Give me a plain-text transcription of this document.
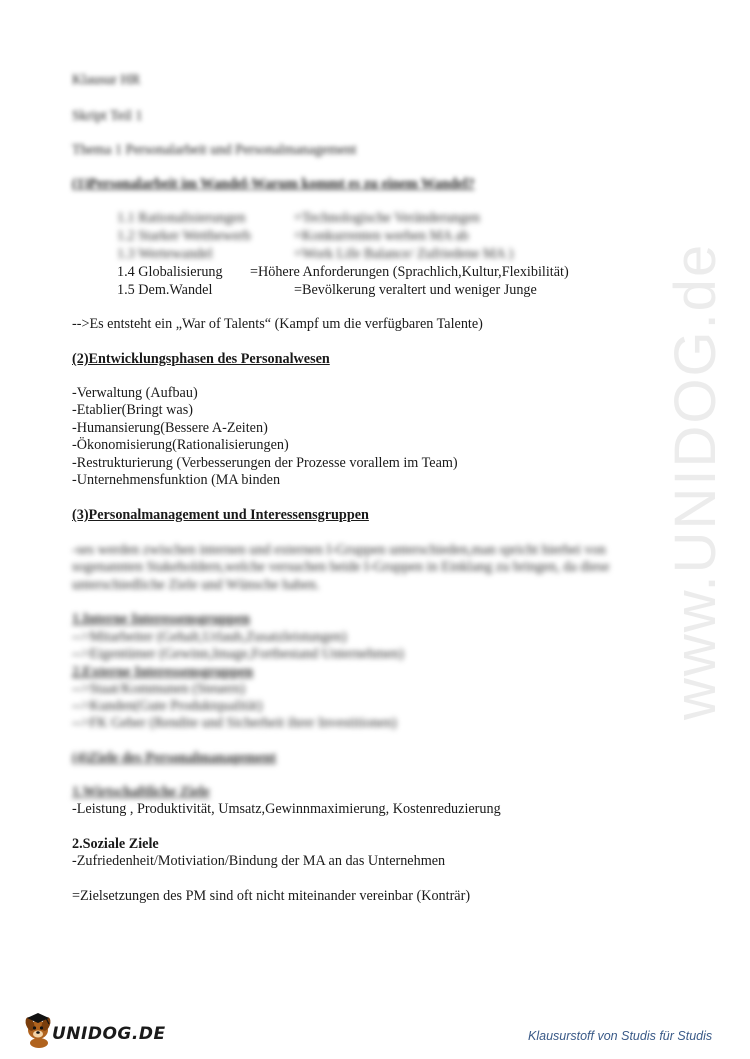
Klausur HR
Skript Teil 1
Thema 1 Personalarbeit und Personalmanagement
(1)Personalarbeit im Wandel-Warum kommt es zu einem Wandel?
1.1 Rationalisierungen	=Technologische Veränderungen
1.2 Starker Wettbewerb	=Konkurrenten werben MA ab
1.3 Wertewandel	=Work Life Balance/ Zufriedene MA )
1.4 Globalisierung =Höhere Anforderungen (Sprachlich,Kultur,Flexibilität)
1.5 Dem.Wandel	=Bevölkerung veraltert und weniger Junge
-->Es entsteht ein „War of Talents“ (Kampf um die verfügbaren Talente)
(2)Entwicklungsphasen des Personalwesen
-Verwaltung (Aufbau)
-Etablier(Bringt was)
-Humansierung(Bessere A-Zeiten)
-Ökonomisierung(Rationalisierungen)
-Restrukturierung (Verbesserungen der Prozesse vorallem im Team)
-Unternehmensfunktion (MA binden
(3)Personalmanagement und Interessensgruppen
-ses werden zwischen internen und externen I-Gruppen unterschieden,man spricht hierbei von
sogenannten Stakeholdern,welche versuchen beide I-Gruppen in Einklang zu bringen, da diese
unterschiedliche Ziele und Wünsche haben.
1.Interne Interessensgruppen
-->Mitarbeiter (Gehalt,Urlaub,Zusatzleistungen)
-->Eigentümer (Gewinn,Image,Fortbestand Unternehmen)
2.Externe Interessensgruppen
-->Staat/Kommunen (Steuern)
-->Kunden(Gute Produktqualität)
-->FK Geber (Rendite und Sicherheit ihrer Investitionen)
(4)Ziele des Personalmanagement
1.Wirtschaftliche Ziele
-Leistung , Produktivität, Umsatz,Gewinnmaximierung, Kostenreduzierung
2.Soziale Ziele
-Zufriedenheit/Motiviation/Bindung der MA an das Unternehmen
=Zielsetzungen des PM sind oft nicht miteinander vereinbar (Konträr)
www.UNIDOG.de
UNIDOG.DE	Klausurstoff von Studis für Studis
